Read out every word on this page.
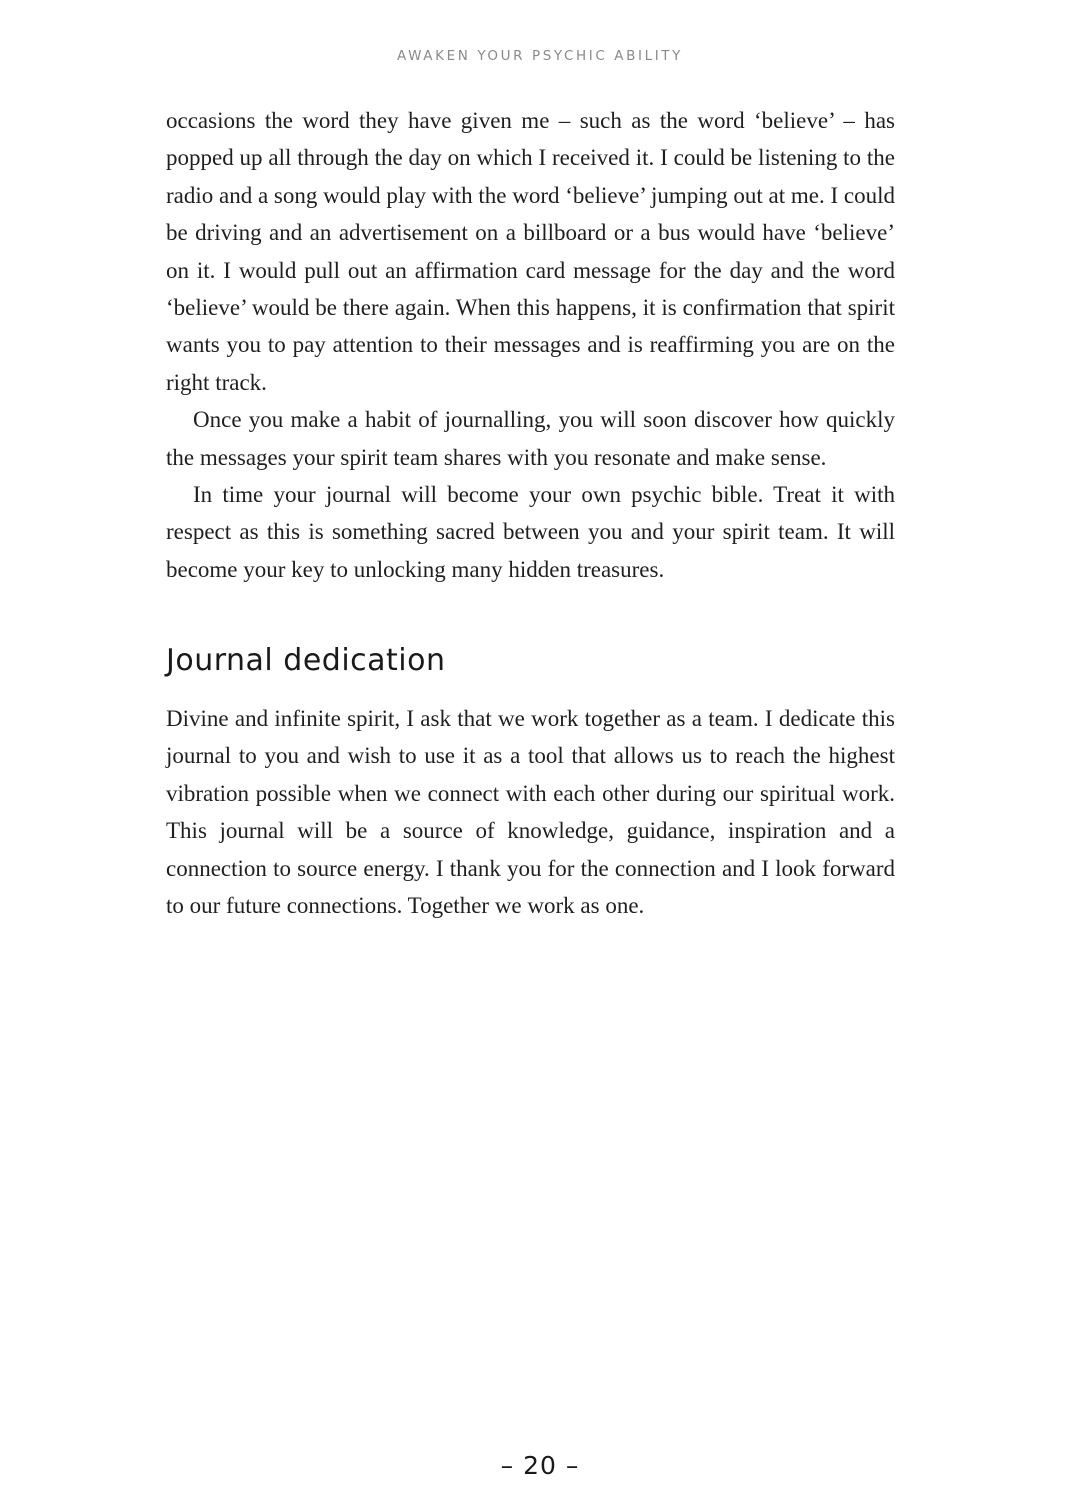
AWAKEN YOUR PSYCHIC ABILITY

occasions the word they have given me – such as the word ‘believe’ – has popped up all through the day on which I received it. I could be listening to the radio and a song would play with the word ‘believe’ jumping out at me. I could be driving and an advertisement on a billboard or a bus would have ‘believe’ on it. I would pull out an affirmation card message for the day and the word ‘believe’ would be there again. When this happens, it is confirmation that spirit wants you to pay attention to their messages and is reaffirming you are on the right track.

Once you make a habit of journalling, you will soon discover how quickly the messages your spirit team shares with you resonate and make sense.

In time your journal will become your own psychic bible. Treat it with respect as this is something sacred between you and your spirit team. It will become your key to unlocking many hidden treasures.

Journal dedication

Divine and infinite spirit, I ask that we work together as a team. I dedicate this journal to you and wish to use it as a tool that allows us to reach the highest vibration possible when we connect with each other during our spiritual work. This journal will be a source of knowledge, guidance, inspiration and a connection to source energy. I thank you for the connection and I look forward to our future connections. Together we work as one.

– 20 –
